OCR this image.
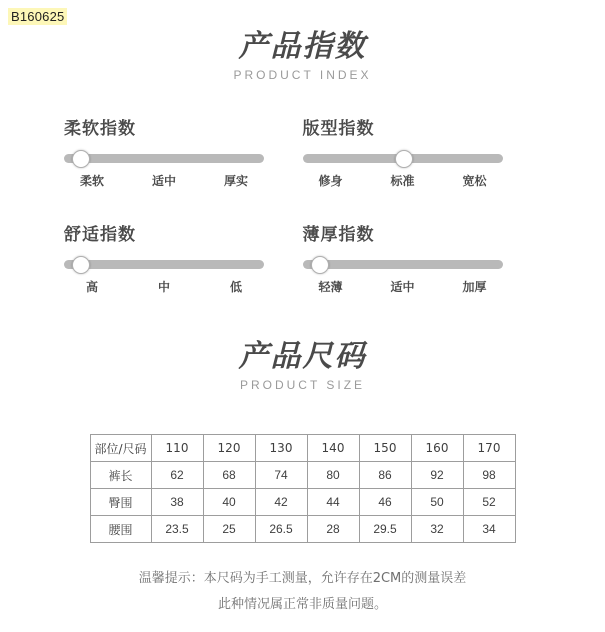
B160625
产品指数
PRODUCT INDEX
柔软指数
柔软	适中	厚实
版型指数
修身	标准	宽松
舒适指数
高	中	低
薄厚指数
轻薄	适中	加厚
产品尺码
PRODUCT SIZE
部位/尺码	110	120	130	140	150	160	170
裤长	62	68	74	80	86	92	98
臀围	38	40	42	44	46	50	52
腰围	23.5	25	26.5	28	29.5	32	34
温馨提示：本尺码为手工测量，允许存在2CM的测量误差
此种情况属正常非质量问题。
